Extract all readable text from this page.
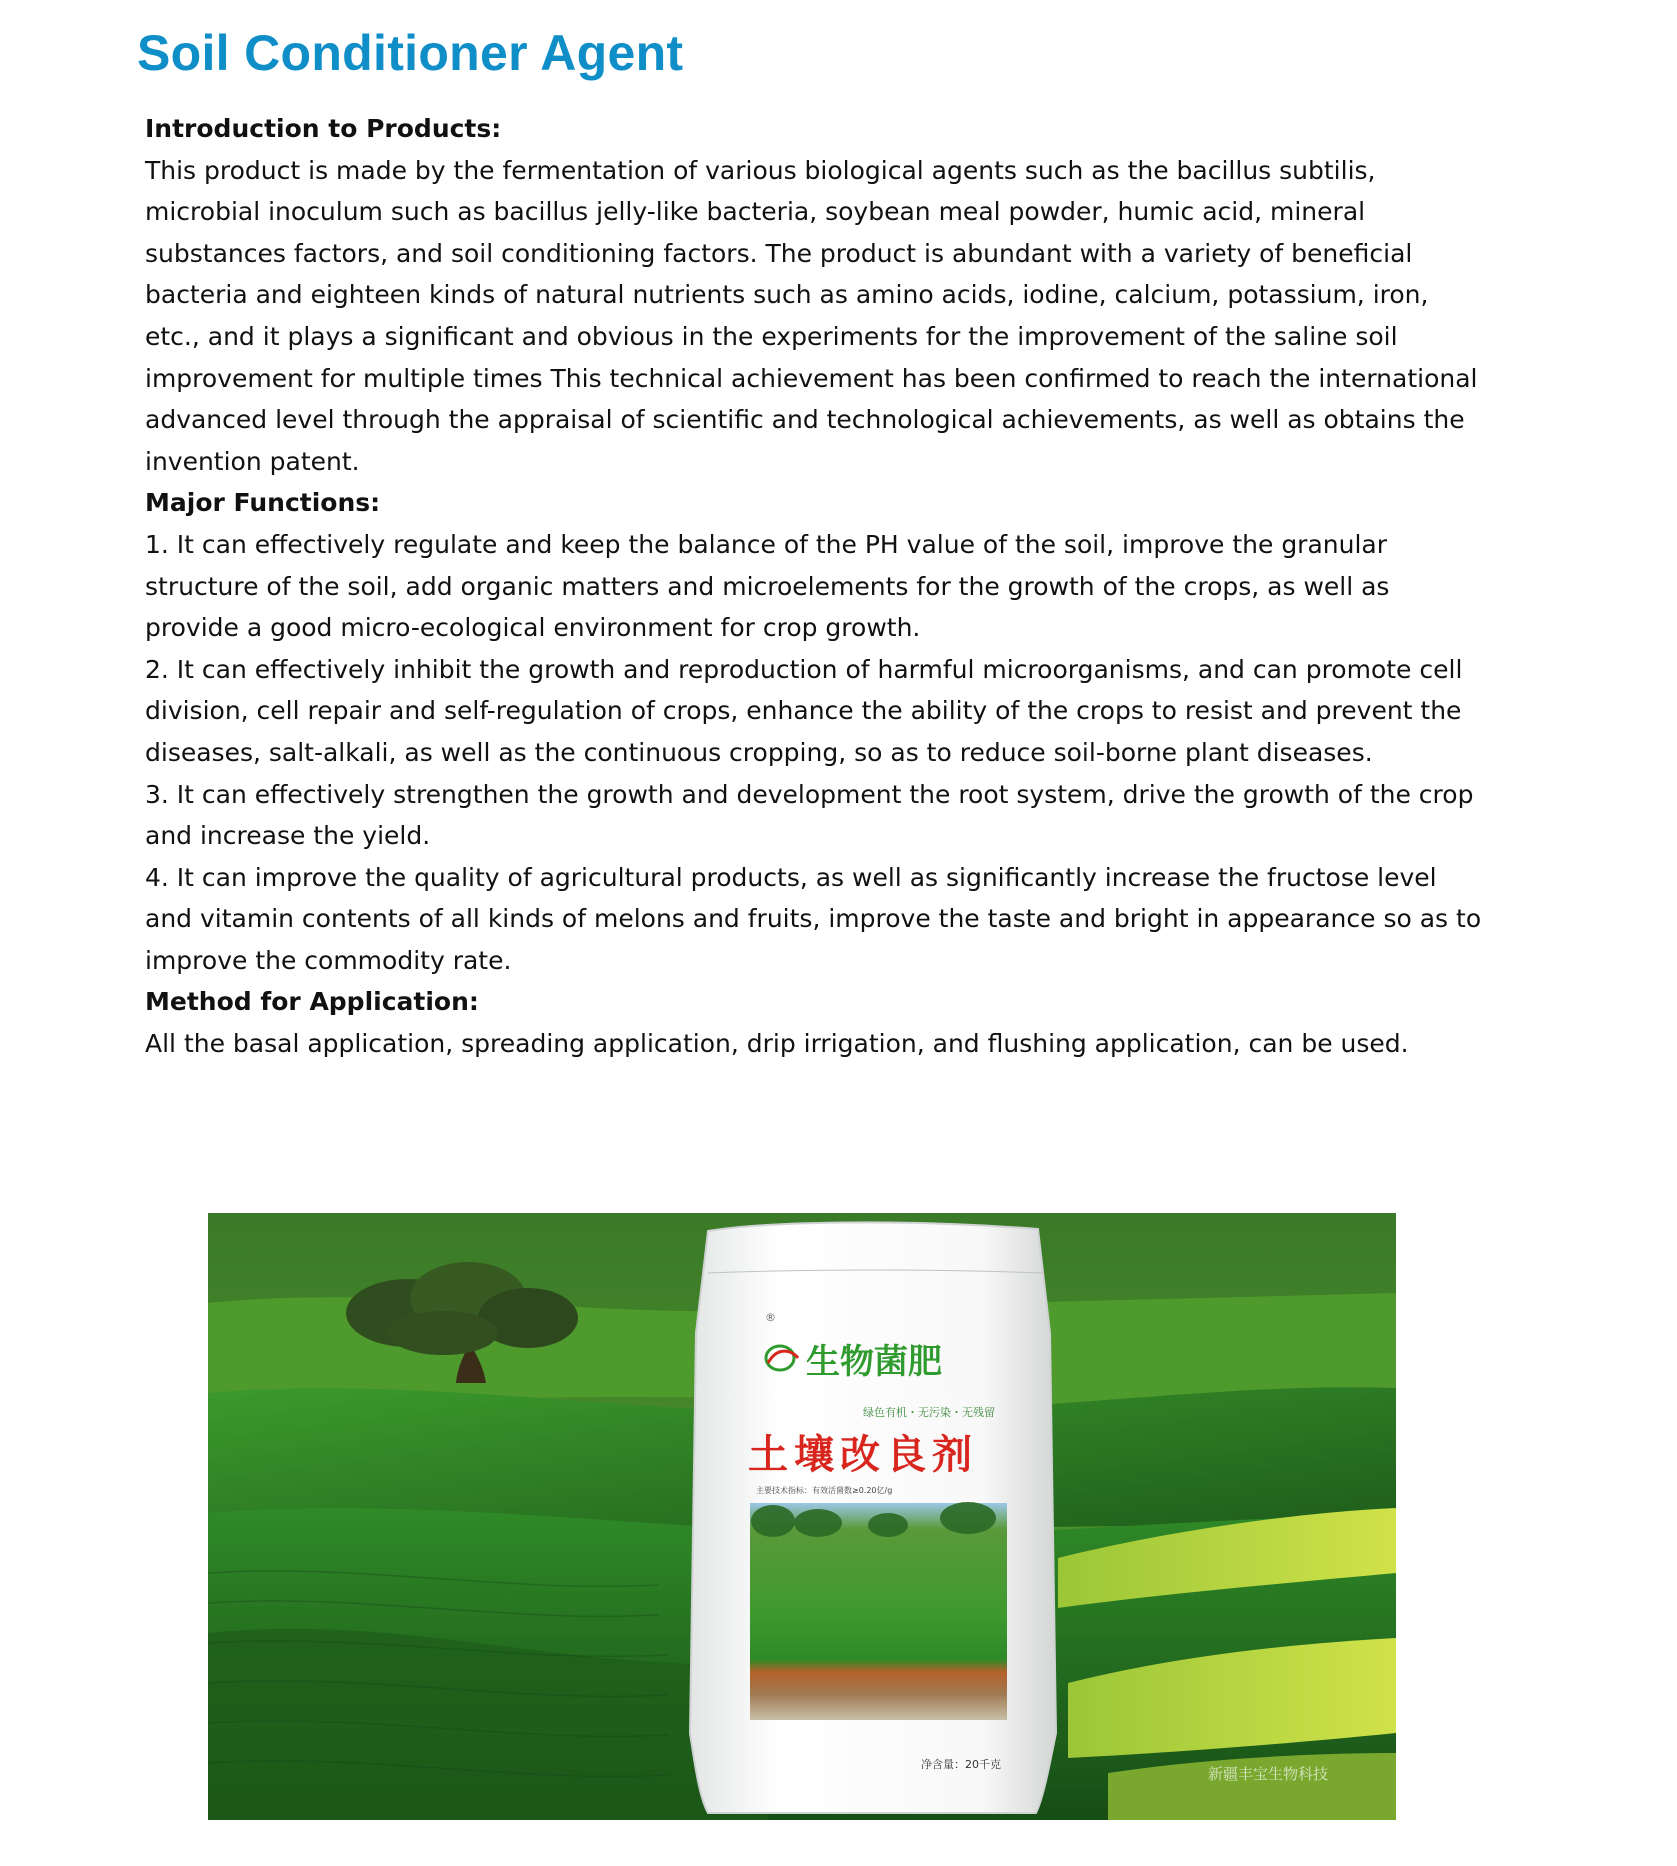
Soil Conditioner Agent

Introduction to Products:

This product is made by the fermentation of various biological agents such as the bacillus subtilis, microbial inoculum such as bacillus jelly-like bacteria, soybean meal powder, humic acid, mineral substances factors, and soil conditioning factors. The product is abundant with a variety of beneficial bacteria and eighteen kinds of natural nutrients such as amino acids, iodine, calcium, potassium, iron, etc., and it plays a significant and obvious in the experiments for the improvement of the saline soil improvement for multiple times This technical achievement has been confirmed to reach the international advanced level through the appraisal of scientific and technological achievements, as well as obtains the invention patent.

Major Functions:

1. It can effectively regulate and keep the balance of the PH value of the soil, improve the granular structure of the soil, add organic matters and microelements for the growth of the crops, as well as provide a good micro-ecological environment for crop growth.
2. It can effectively inhibit the growth and reproduction of harmful microorganisms, and can promote cell division, cell repair and self-regulation of crops, enhance the ability of the crops to resist and prevent the diseases, salt-alkali, as well as the continuous cropping, so as to reduce soil-borne plant diseases.
3. It can effectively strengthen the growth and development the root system, drive the growth of the crop and increase the yield.
4. It can improve the quality of agricultural products, as well as significantly increase the fructose level and vitamin contents of all kinds of melons and fruits, improve the taste and bright in appearance so as to improve the commodity rate.

Method for Application:

All the basal application, spreading application, drip irrigation, and flushing application, can be used.

®
生物菌肥
绿色有机・无污染・无残留
土壤改良剂
主要技术指标：有效活菌数≥0.20亿/g
净含量：20千克
新疆丰宝生物科技
